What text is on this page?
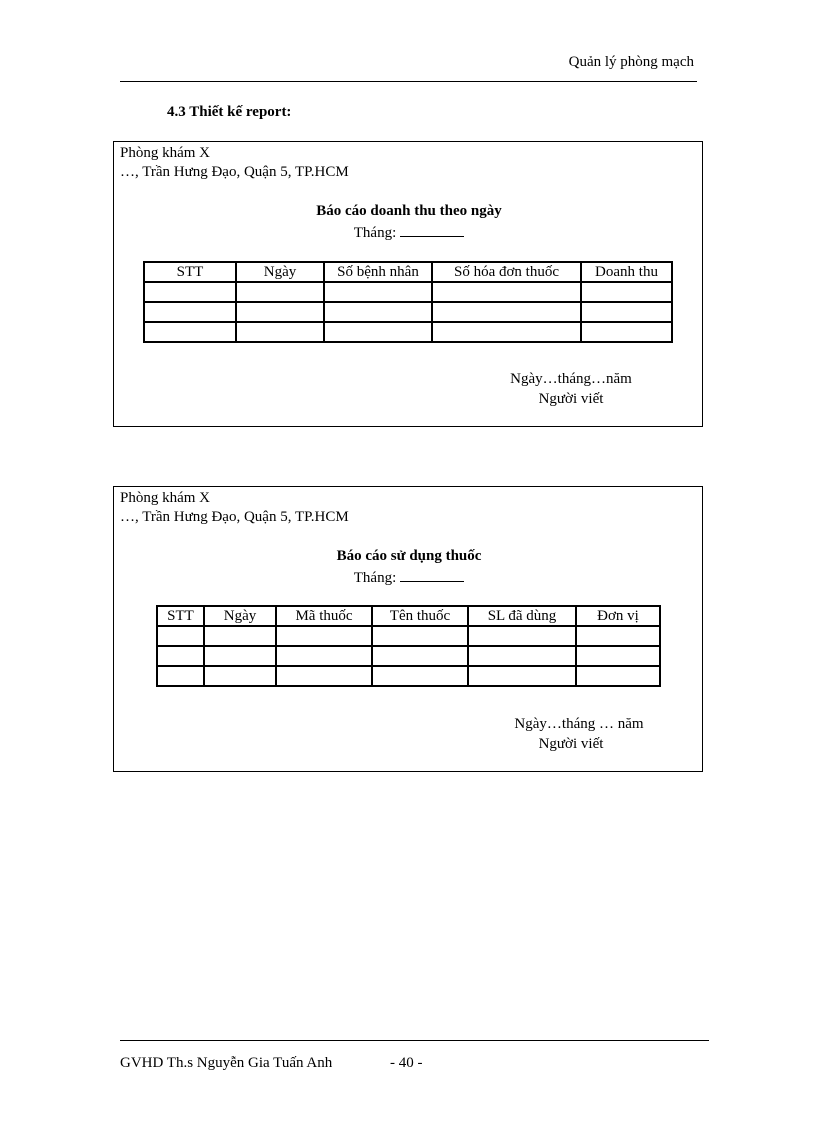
Quản lý phòng mạch
4.3 Thiết kế report:
Phòng khám X
…, Trần Hưng Đạo, Quận 5, TP.HCM
Báo cáo doanh thu theo ngày
Tháng:
STT	Ngày	Số bệnh nhân	Số hóa đơn thuốc	Doanh thu

Ngày…tháng…năm
Người viết
Phòng khám X
…, Trần Hưng Đạo, Quận 5, TP.HCM
Báo cáo sử dụng thuốc
Tháng:
STT	Ngày	Mã thuốc	Tên thuốc	SL đã dùng	Đơn vị

Ngày…tháng … năm
Người viết
GVHD Th.s Nguyễn Gia Tuấn Anh	- 40 -
